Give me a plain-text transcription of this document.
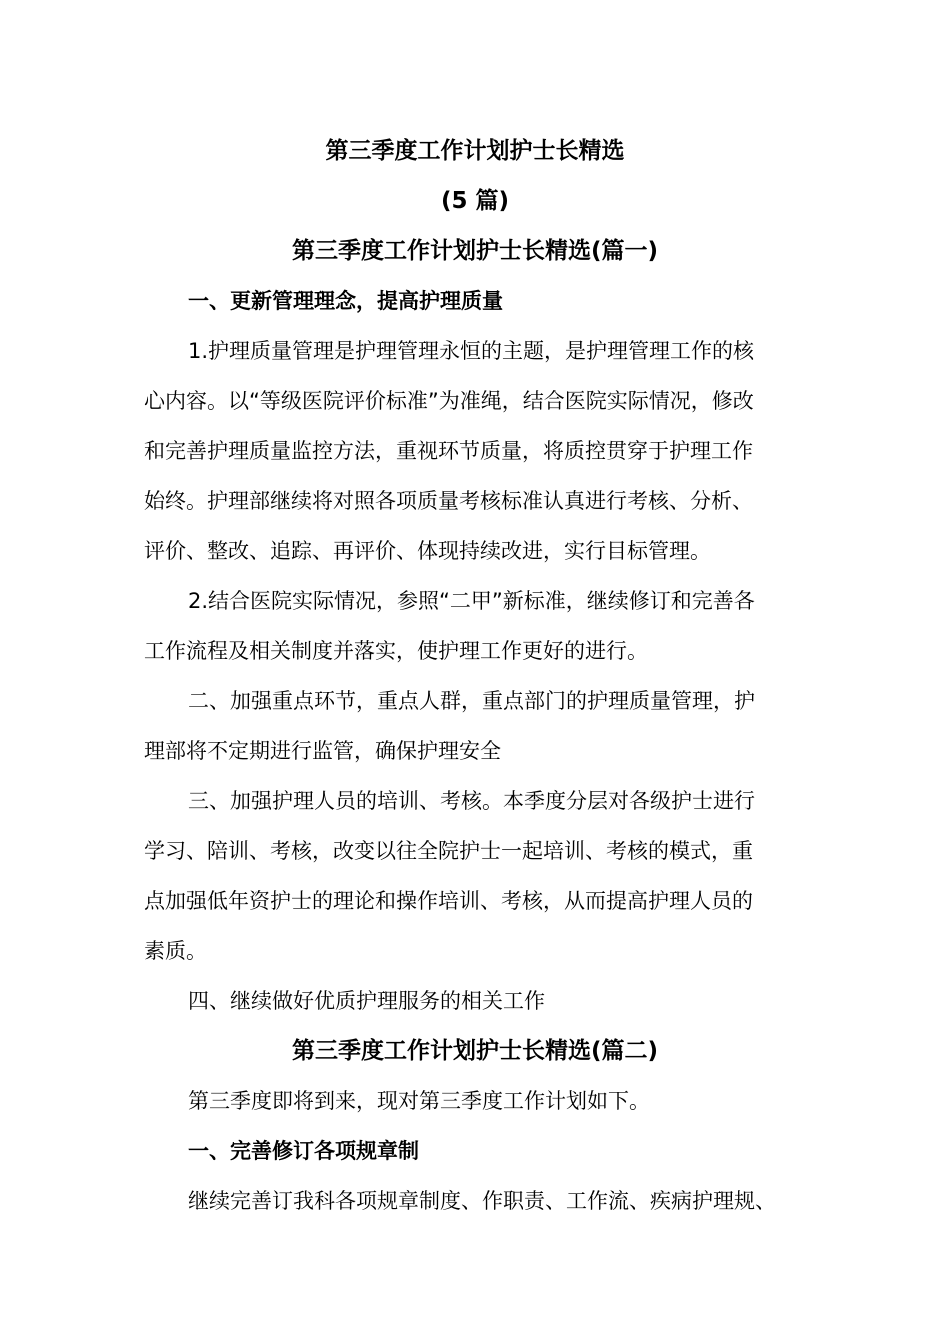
第三季度工作计划护士长精选
(5 篇)
第三季度工作计划护士长精选(篇一)
一、更新管理理念，提高护理质量
1.护理质量管理是护理管理永恒的主题，是护理管理工作的核
心内容。以“等级医院评价标准”为准绳，结合医院实际情况，修改
和完善护理质量监控方法，重视环节质量，将质控贯穿于护理工作
始终。护理部继续将对照各项质量考核标准认真进行考核、分析、
评价、整改、追踪、再评价、体现持续改进，实行目标管理。
2.结合医院实际情况，参照“二甲”新标准，继续修订和完善各
工作流程及相关制度并落实，使护理工作更好的进行。
二、加强重点环节，重点人群，重点部门的护理质量管理，护
理部将不定期进行监管，确保护理安全
三、加强护理人员的培训、考核。本季度分层对各级护士进行
学习、陪训、考核，改变以往全院护士一起培训、考核的模式，重
点加强低年资护士的理论和操作培训、考核，从而提高护理人员的
素质。
四、继续做好优质护理服务的相关工作
第三季度工作计划护士长精选(篇二)
第三季度即将到来，现对第三季度工作计划如下。
一、完善修订各项规章制
继续完善订我科各项规章制度、作职责、工作流、疾病护理规、
